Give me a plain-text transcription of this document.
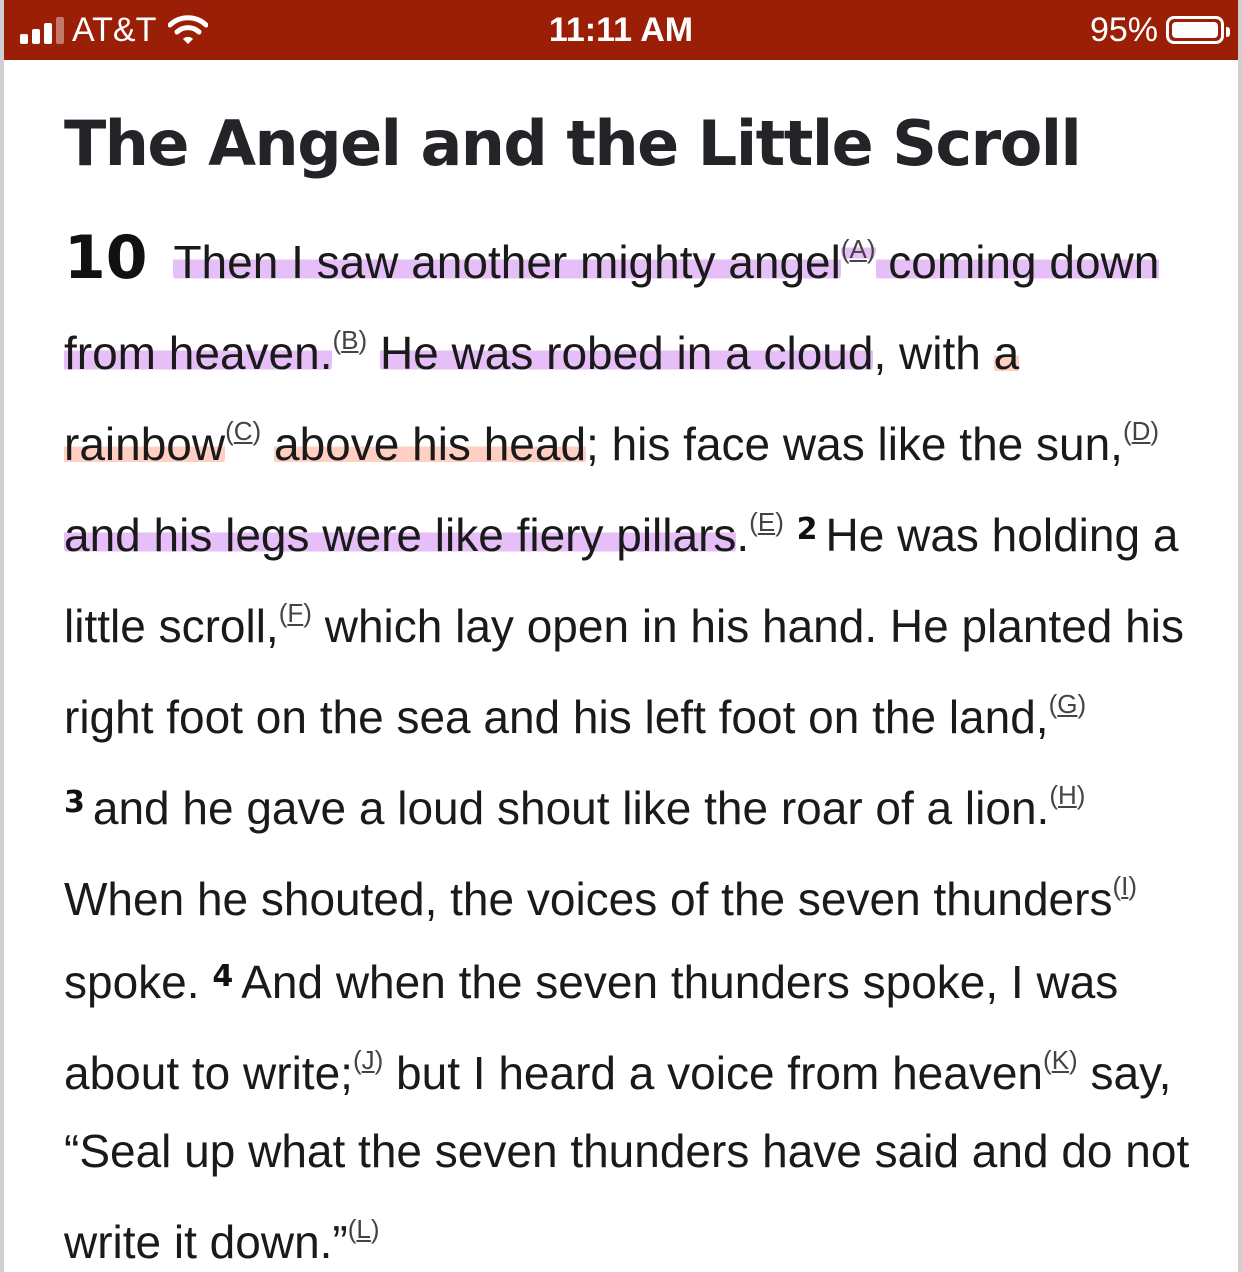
AT&T	11:11 AM	95%
The Angel and the Little Scroll

10 Then I saw another mighty angel$^{(A)}$ coming down from heaven.$^{(B)}$ He was robed in a cloud, with a rainbow$^{(C)}$ above his head; his face was like the sun,$^{(D)}$ and his legs were like fiery pillars.$^{(E)}$ $^2$ He was holding a little scroll,$^{(F)}$ which lay open in his hand. He planted his right foot on the sea and his left foot on the land,$^{(G)}$ $^3$ and he gave a loud shout like the roar of a lion.$^{(H)}$ When he shouted, the voices of the seven thunders$^{(I)}$ spoke. $^4$ And when the seven thunders spoke, I was about to write;$^{(J)}$ but I heard a voice from heaven$^{(K)}$ say, “Seal up what the seven thunders have said and do not write it down.”$^{(L)}$
